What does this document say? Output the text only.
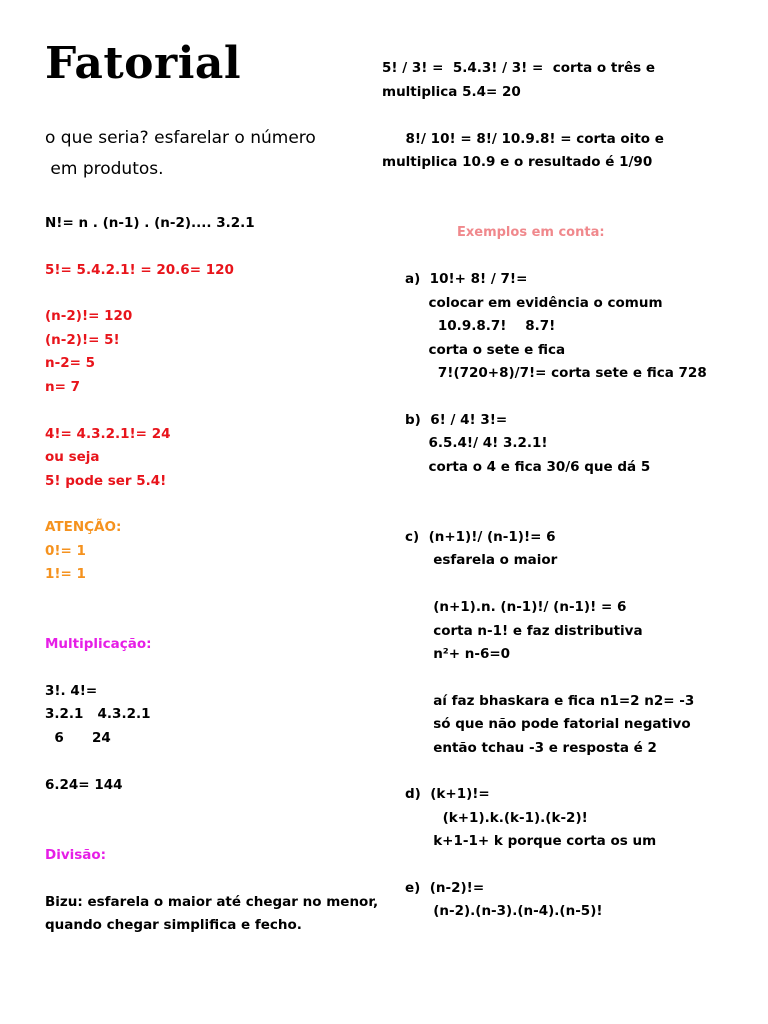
Fatorial
o que seria? esfarelar o número
em produtos.
N!= n . (n-1) . (n-2).... 3.2.1
5!= 5.4.2.1! = 20.6= 120
(n-2)!= 120
(n-2)!= 5!
n-2= 5
n= 7
4!= 4.3.2.1!= 24
ou seja
5! pode ser 5.4!
ATENÇÃO:
0!= 1
1!= 1
Multiplicação:
3!. 4!=
3.2.1   4.3.2.1
6      24
6.24= 144
Divisão:
Bizu: esfarela o maior até chegar no menor,
quando chegar simplifica e fecho.
5! / 3! =  5.4.3! / 3! =  corta o três e
multiplica 5.4= 20
8!/ 10! = 8!/ 10.9.8! = corta oito e
multiplica 10.9 e o resultado é 1/90
Exemplos em conta:
a)  10!+ 8! / 7!=
colocar em evidência o comum
10.9.8.7!    8.7!
corta o sete e fica
7!(720+8)/7!= corta sete e fica 728
b)  6! / 4! 3!=
6.5.4!/ 4! 3.2.1!
corta o 4 e fica 30/6 que dá 5
c)  (n+1)!/ (n-1)!= 6
esfarela o maior
(n+1).n. (n-1)!/ (n-1)! = 6
corta n-1! e faz distributiva
n²+ n-6=0
aí faz bhaskara e fica n1=2 n2= -3
só que não pode fatorial negativo
então tchau -3 e resposta é 2
d)  (k+1)!=
(k+1).k.(k-1).(k-2)!
k+1-1+ k porque corta os um
e)  (n-2)!=
(n-2).(n-3).(n-4).(n-5)!
